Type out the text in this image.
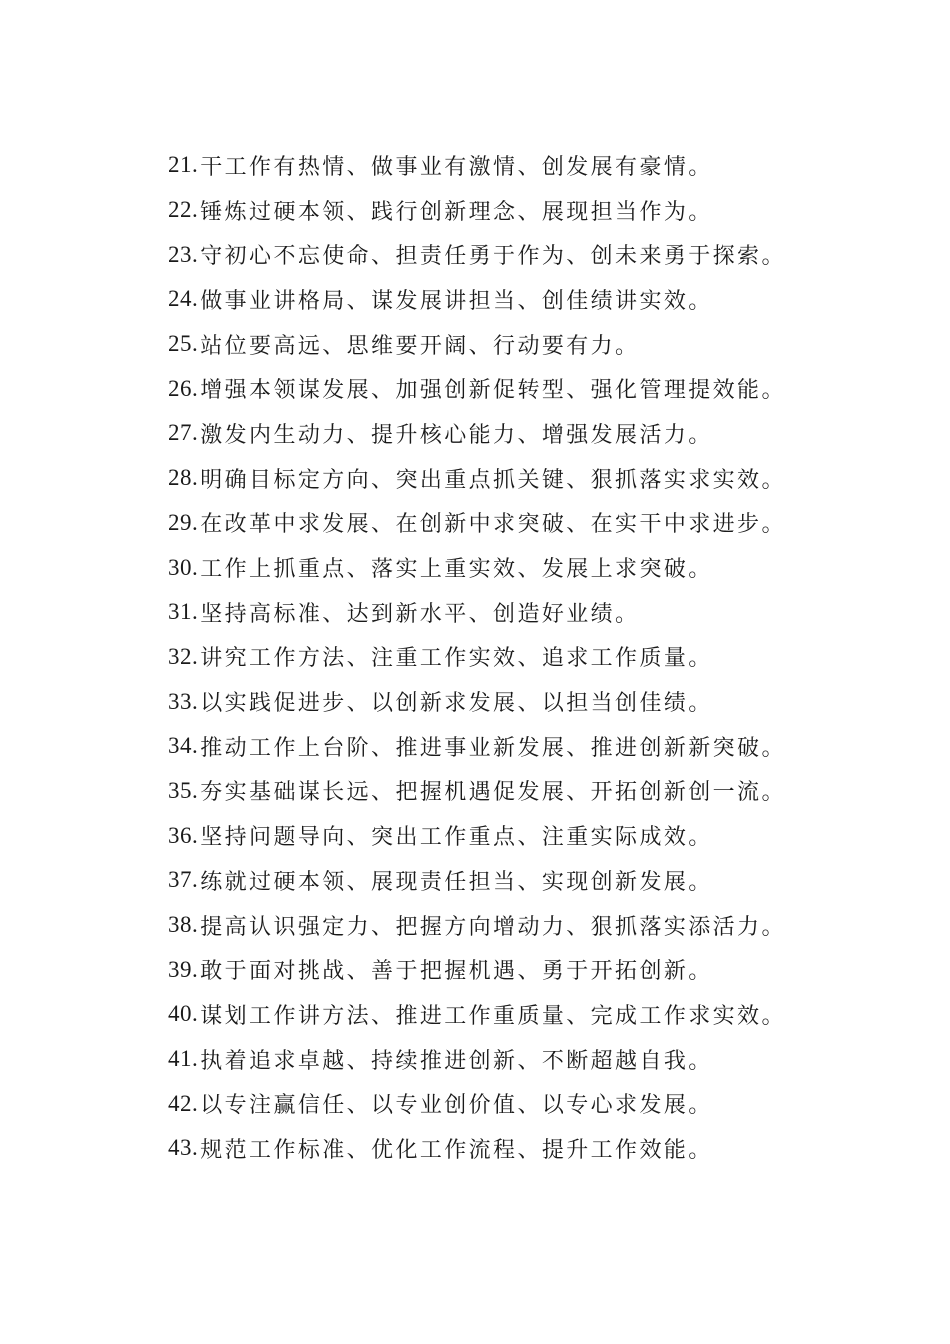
21. 干工作有热情、做事业有激情、创发展有豪情。
22. 锤炼过硬本领、践行创新理念、展现担当作为。
23. 守初心不忘使命、担责任勇于作为、创未来勇于探索。
24. 做事业讲格局、谋发展讲担当、创佳绩讲实效。
25. 站位要高远、思维要开阔、行动要有力。
26. 增强本领谋发展、加强创新促转型、强化管理提效能。
27. 激发内生动力、提升核心能力、增强发展活力。
28. 明确目标定方向、突出重点抓关键、狠抓落实求实效。
29. 在改革中求发展、在创新中求突破、在实干中求进步。
30. 工作上抓重点、落实上重实效、发展上求突破。
31. 坚持高标准、达到新水平、创造好业绩。
32. 讲究工作方法、注重工作实效、追求工作质量。
33. 以实践促进步、以创新求发展、以担当创佳绩。
34. 推动工作上台阶、推进事业新发展、推进创新新突破。
35. 夯实基础谋长远、把握机遇促发展、开拓创新创一流。
36. 坚持问题导向、突出工作重点、注重实际成效。
37. 练就过硬本领、展现责任担当、实现创新发展。
38. 提高认识强定力、把握方向增动力、狠抓落实添活力。
39. 敢于面对挑战、善于把握机遇、勇于开拓创新。
40. 谋划工作讲方法、推进工作重质量、完成工作求实效。
41. 执着追求卓越、持续推进创新、不断超越自我。
42. 以专注赢信任、以专业创价值、以专心求发展。
43. 规范工作标准、优化工作流程、提升工作效能。
